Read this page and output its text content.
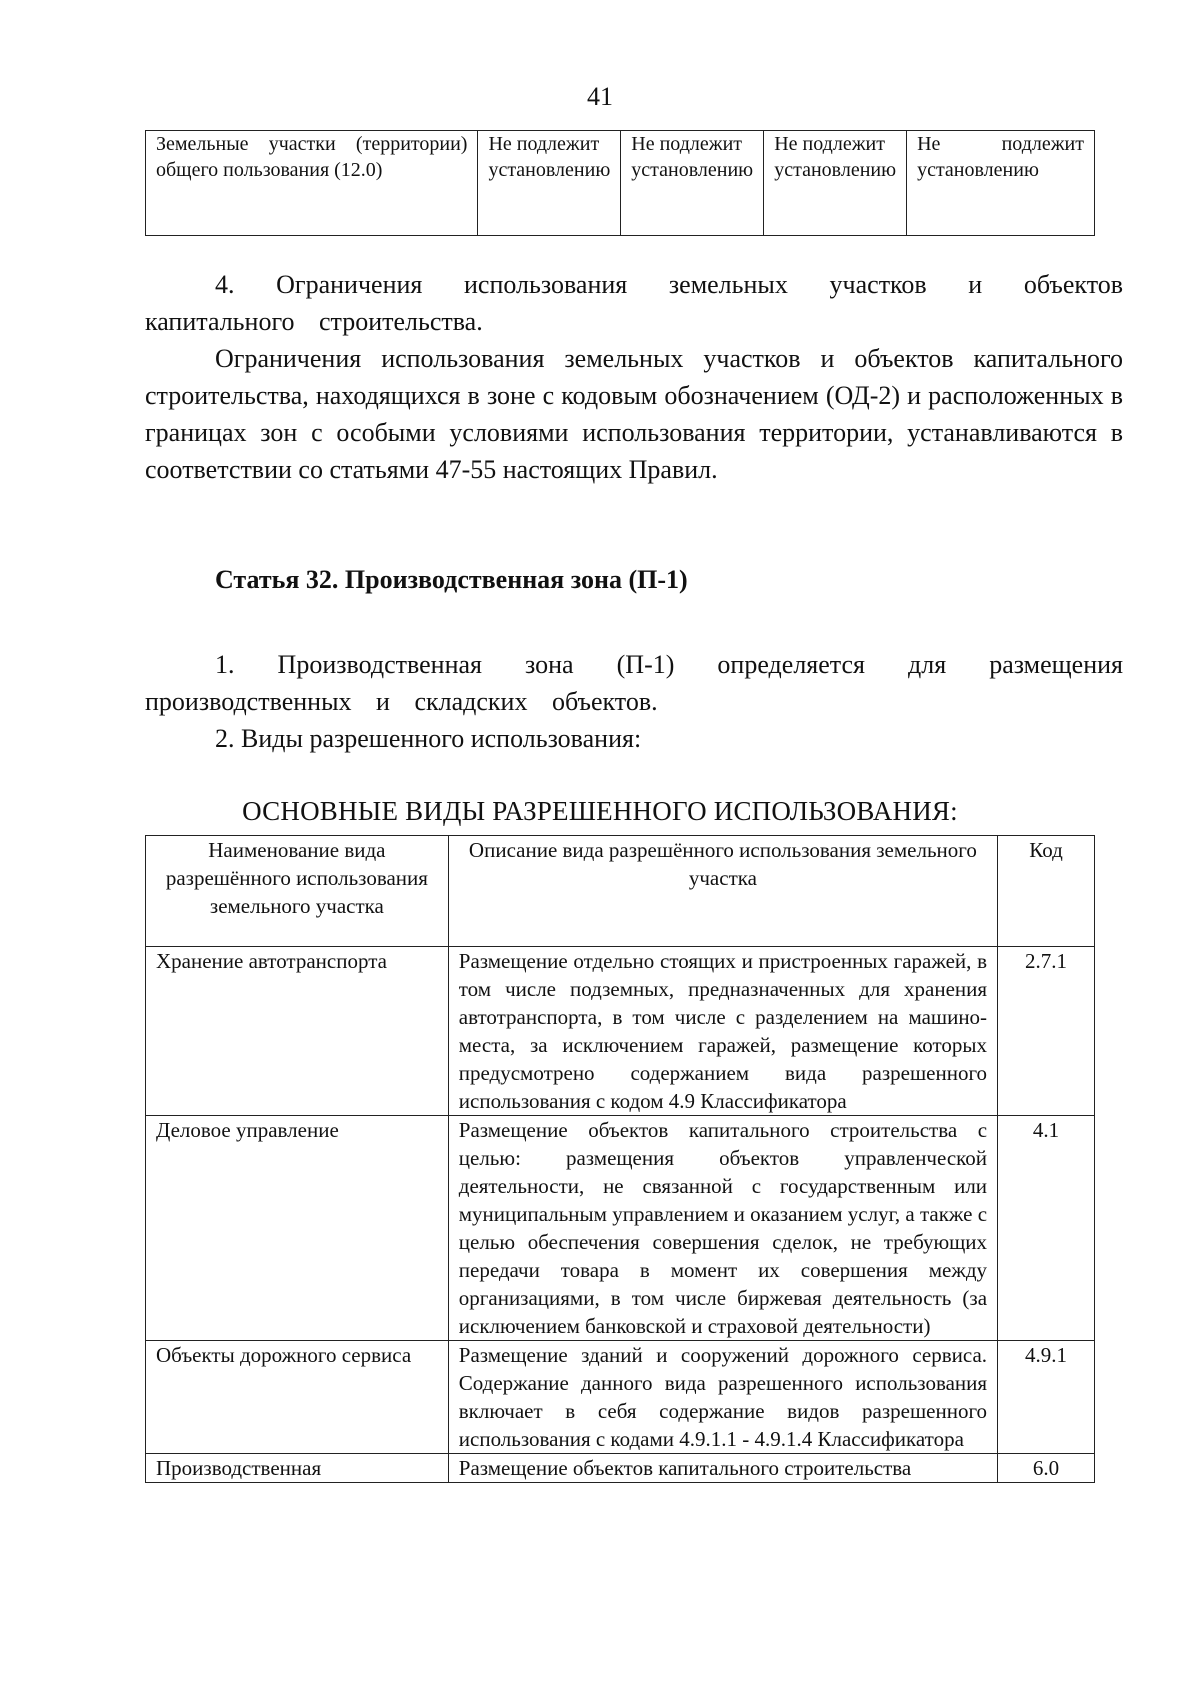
41
Земельные участки (территории) общего пользования (12.0)	Не подлежит установлению	Не подлежит установлению	Не подлежит установлению	Не подлежит установлению
4. Ограничения использования земельных участков и объектов капитального строительства.
Ограничения использования земельных участков и объектов капитального строительства, находящихся в зоне с кодовым обозначением (ОД-2) и расположенных в границах зон с особыми условиями использования территории, устанавливаются в соответствии со статьями 47-55 настоящих Правил.
Статья 32. Производственная зона (П-1)
1. Производственная зона (П-1) определяется для размещения производственных и складских объектов.
2. Виды разрешенного использования:
ОСНОВНЫЕ ВИДЫ РАЗРЕШЕННОГО ИСПОЛЬЗОВАНИЯ:
Наименование вида разрешённого использования земельного участка	Описание вида разрешённого использования земельного участка	Код
Хранение автотранспорта	Размещение отдельно стоящих и пристроенных гаражей, в том числе подземных, предназначенных для хранения автотранспорта, в том числе с разделением на машино-места, за исключением гаражей, размещение которых предусмотрено содержанием вида разрешенного использования с кодом 4.9 Классификатора	2.7.1
Деловое управление	Размещение объектов капитального строительства с целью: размещения объектов управленческой деятельности, не связанной с государственным или муниципальным управлением и оказанием услуг, а также с целью обеспечения совершения сделок, не требующих передачи товара в момент их совершения между организациями, в том числе биржевая деятельность (за исключением банковской и страховой деятельности)	4.1
Объекты дорожного сервиса	Размещение зданий и сооружений дорожного сервиса. Содержание данного вида разрешенного использования включает в себя содержание видов разрешенного использования с кодами 4.9.1.1 - 4.9.1.4 Классификатора	4.9.1
Производственная	Размещение объектов капитального строительства	6.0
